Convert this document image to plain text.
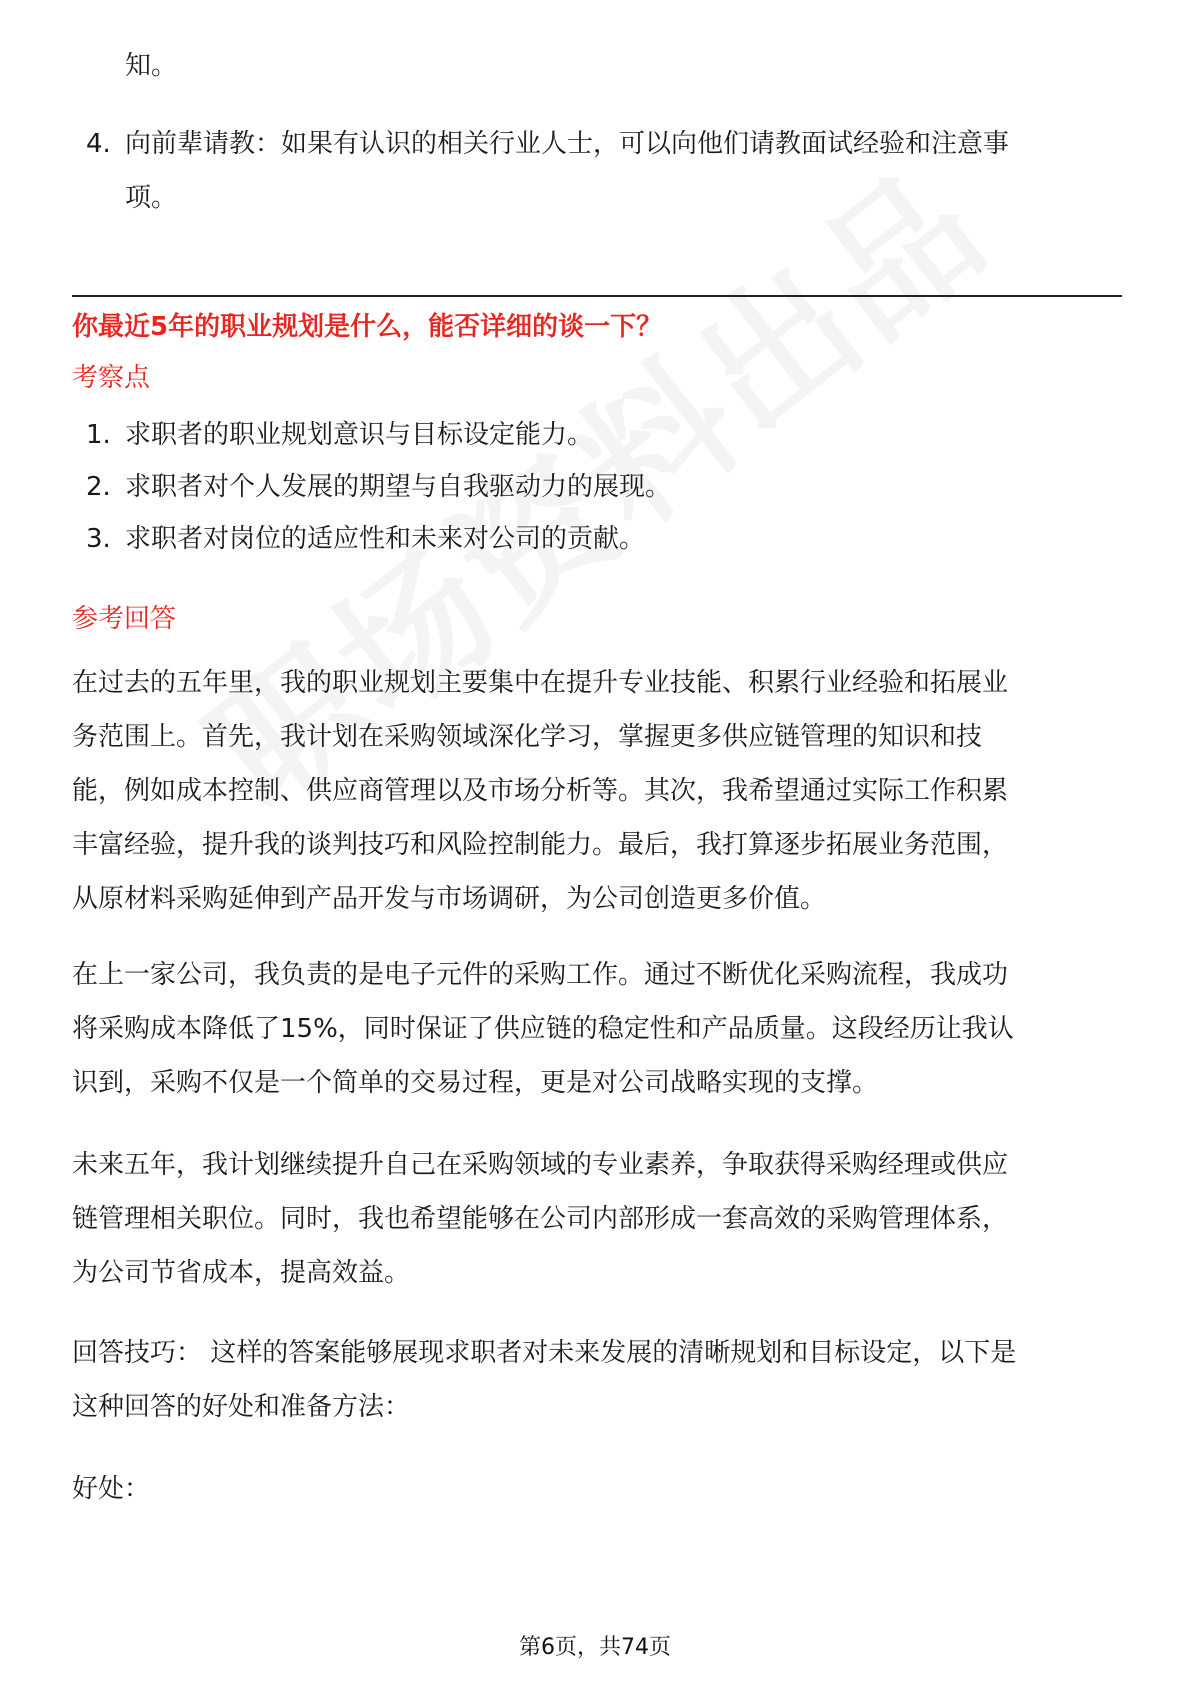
知。
4. 向前辈请教：如果有认识的相关行业人士，可以向他们请教面试经验和注意事
项。
你最近5年的职业规划是什么，能否详细的谈一下？
考察点
1. 求职者的职业规划意识与目标设定能力。
2. 求职者对个人发展的期望与自我驱动力的展现。
3. 求职者对岗位的适应性和未来对公司的贡献。
参考回答
在过去的五年里，我的职业规划主要集中在提升专业技能、积累行业经验和拓展业
务范围上。首先，我计划在采购领域深化学习，掌握更多供应链管理的知识和技
能，例如成本控制、供应商管理以及市场分析等。其次，我希望通过实际工作积累
丰富经验，提升我的谈判技巧和风险控制能力。最后，我打算逐步拓展业务范围，
从原材料采购延伸到产品开发与市场调研，为公司创造更多价值。
在上一家公司，我负责的是电子元件的采购工作。通过不断优化采购流程，我成功
将采购成本降低了15%，同时保证了供应链的稳定性和产品质量。这段经历让我认
识到，采购不仅是一个简单的交易过程，更是对公司战略实现的支撑。
未来五年，我计划继续提升自己在采购领域的专业素养，争取获得采购经理或供应
链管理相关职位。同时，我也希望能够在公司内部形成一套高效的采购管理体系，
为公司节省成本，提高效益。
回答技巧： 这样的答案能够展现求职者对未来发展的清晰规划和目标设定，以下是
这种回答的好处和准备方法：
好处：
第6页，共74页
